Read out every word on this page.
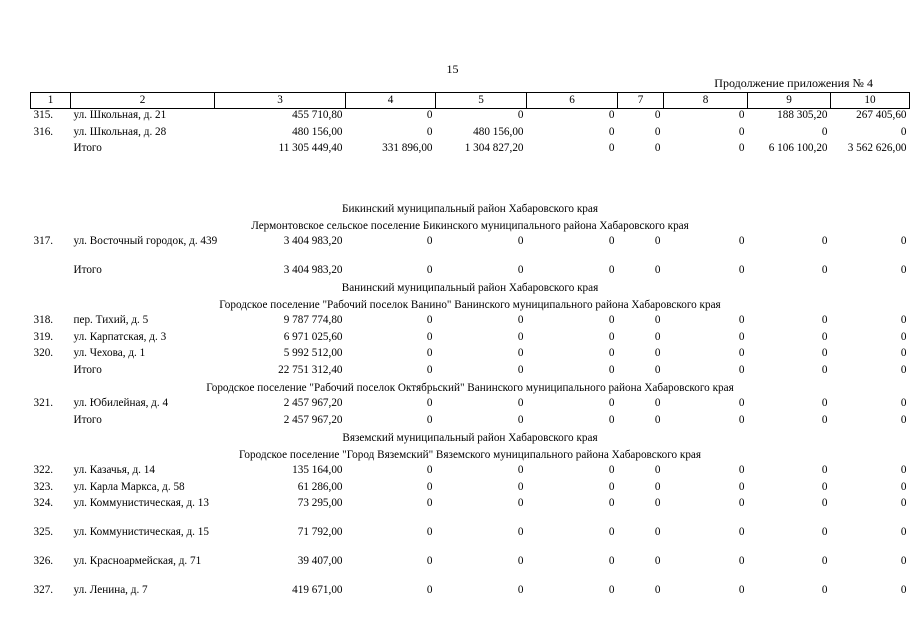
15
Продолжение приложения № 4
1	2	3	4	5	6	7	8	9	10
315.	ул. Школьная, д. 21	455 710,80	0	0	0	0	0	188 305,20	267 405,60
316.	ул. Школьная, д. 28	480 156,00	0	480 156,00	0	0	0	0	0
	Итого	11 305 449,40	331 896,00	1 304 827,20	0	0	0	6 106 100,20	3 562 626,00

Бикинский муниципальный район Хабаровского края									
Лермонтовское сельское поселение Бикинского муниципального района Хабаровского края									
317.	ул. Восточный городок, д. 439	3 404 983,20	0	0	0	0	0	0	0
	Итого	3 404 983,20	0	0	0	0	0	0	0
Ванинский муниципальный район Хабаровского края									
Городское поселение "Рабочий поселок Ванино" Ванинского муниципального района Хабаровского края									
318.	пер. Тихий, д. 5	9 787 774,80	0	0	0	0	0	0	0
319.	ул. Карпатская, д. 3	6 971 025,60	0	0	0	0	0	0	0
320.	ул. Чехова, д. 1	5 992 512,00	0	0	0	0	0	0	0
	Итого	22 751 312,40	0	0	0	0	0	0	0
Городское поселение "Рабочий поселок Октябрьский" Ванинского муниципального района Хабаровского края									
321.	ул. Юбилейная, д. 4	2 457 967,20	0	0	0	0	0	0	0
	Итого	2 457 967,20	0	0	0	0	0	0	0
Вяземский муниципальный район Хабаровского края									
Городское поселение "Город Вяземский" Вяземского муниципального района Хабаровского края									
322.	ул. Казачья, д. 14	135 164,00	0	0	0	0	0	0	0
323.	ул. Карла Маркса, д. 58	61 286,00	0	0	0	0	0	0	0
324.	ул. Коммунистическая, д. 13	73 295,00	0	0	0	0	0	0	0
325.	ул. Коммунистическая, д. 15	71 792,00	0	0	0	0	0	0	0
326.	ул. Красноармейская, д. 71	39 407,00	0	0	0	0	0	0	0
327.	ул. Ленина, д. 7	419 671,00	0	0	0	0	0	0	0
